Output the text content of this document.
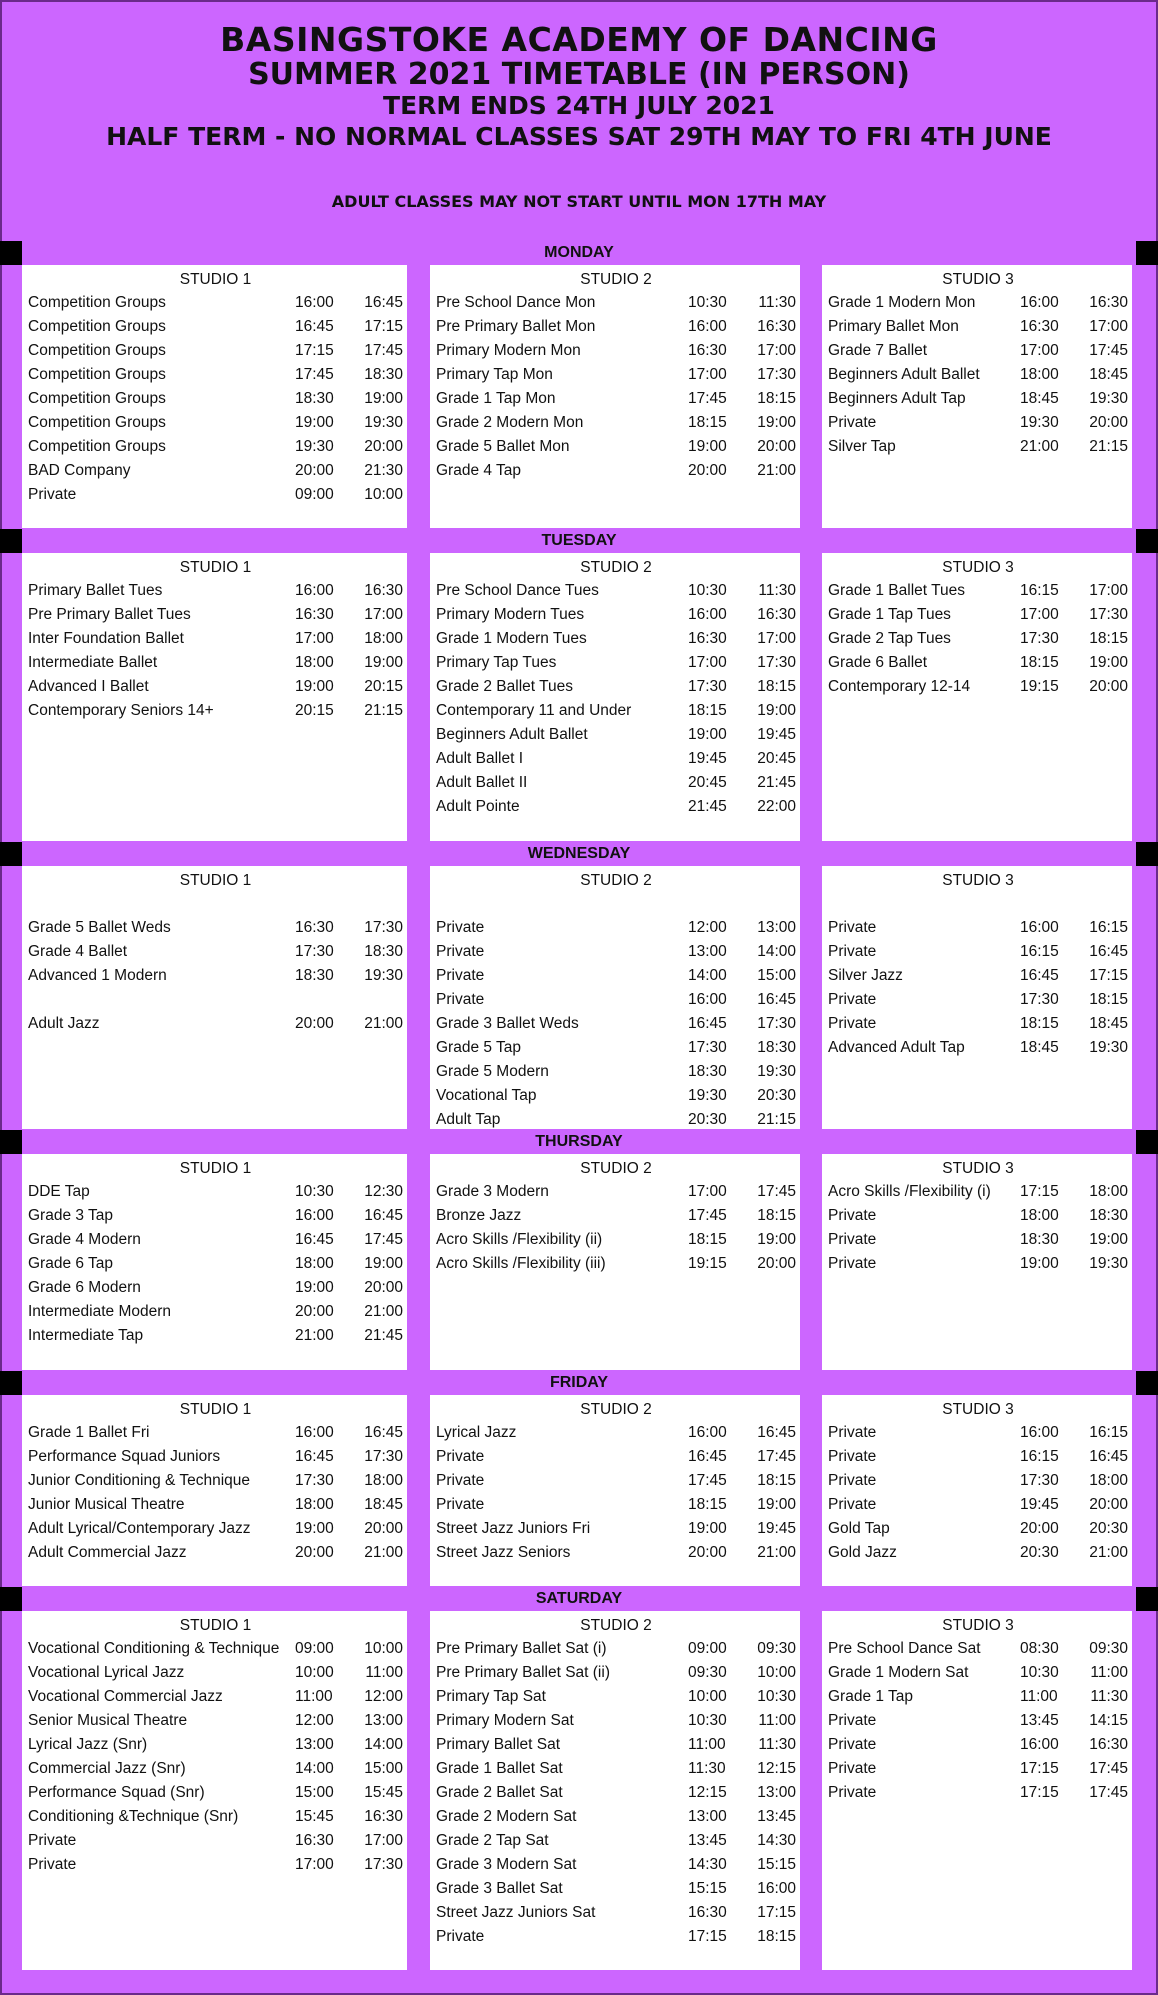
BASINGSTOKE ACADEMY OF DANCING
SUMMER 2021 TIMETABLE (IN PERSON)
TERM ENDS 24TH JULY 2021
HALF TERM - NO NORMAL CLASSES SAT 29TH MAY TO FRI 4TH JUNE
ADULT CLASSES MAY NOT START UNTIL MON 17TH MAY
MONDAY
STUDIO 1
Competition Groups	16:00	16:45
Competition Groups	16:45	17:15
Competition Groups	17:15	17:45
Competition Groups	17:45	18:30
Competition Groups	18:30	19:00
Competition Groups	19:00	19:30
Competition Groups	19:30	20:00
BAD Company	20:00	21:30
Private	09:00	10:00
STUDIO 2
Pre School Dance Mon	10:30	11:30
Pre Primary Ballet Mon	16:00	16:30
Primary Modern Mon	16:30	17:00
Primary Tap Mon	17:00	17:30
Grade 1 Tap Mon	17:45	18:15
Grade 2 Modern Mon	18:15	19:00
Grade 5 Ballet Mon	19:00	20:00
Grade 4 Tap	20:00	21:00
STUDIO 3
Grade 1 Modern Mon	16:00	16:30
Primary Ballet Mon	16:30	17:00
Grade 7 Ballet	17:00	17:45
Beginners Adult Ballet	18:00	18:45
Beginners Adult Tap	18:45	19:30
Private	19:30	20:00
Silver Tap	21:00	21:15
TUESDAY
STUDIO 1
Primary Ballet Tues	16:00	16:30
Pre Primary Ballet Tues	16:30	17:00
Inter Foundation Ballet	17:00	18:00
Intermediate Ballet	18:00	19:00
Advanced I Ballet	19:00	20:15
Contemporary Seniors 14+	20:15	21:15
STUDIO 2
Pre School Dance Tues	10:30	11:30
Primary Modern Tues	16:00	16:30
Grade 1 Modern Tues	16:30	17:00
Primary Tap Tues	17:00	17:30
Grade 2 Ballet Tues	17:30	18:15
Contemporary 11 and Under	18:15	19:00
Beginners Adult Ballet	19:00	19:45
Adult Ballet I	19:45	20:45
Adult Ballet II	20:45	21:45
Adult Pointe	21:45	22:00
STUDIO 3
Grade 1 Ballet Tues	16:15	17:00
Grade 1 Tap Tues	17:00	17:30
Grade 2 Tap Tues	17:30	18:15
Grade 6 Ballet	18:15	19:00
Contemporary 12-14	19:15	20:00
WEDNESDAY
STUDIO 1
Grade 5 Ballet Weds	16:30	17:30
Grade 4 Ballet	17:30	18:30
Advanced 1 Modern	18:30	19:30
Adult Jazz	20:00	21:00
STUDIO 2
Private	12:00	13:00
Private	13:00	14:00
Private	14:00	15:00
Private	16:00	16:45
Grade 3 Ballet Weds	16:45	17:30
Grade 5 Tap	17:30	18:30
Grade 5 Modern	18:30	19:30
Vocational Tap	19:30	20:30
Adult Tap	20:30	21:15
STUDIO 3
Private	16:00	16:15
Private	16:15	16:45
Silver Jazz	16:45	17:15
Private	17:30	18:15
Private	18:15	18:45
Advanced Adult Tap	18:45	19:30
THURSDAY
STUDIO 1
DDE Tap	10:30	12:30
Grade 3 Tap	16:00	16:45
Grade 4 Modern	16:45	17:45
Grade 6 Tap	18:00	19:00
Grade 6 Modern	19:00	20:00
Intermediate Modern	20:00	21:00
Intermediate Tap	21:00	21:45
STUDIO 2
Grade 3 Modern	17:00	17:45
Bronze Jazz	17:45	18:15
Acro Skills /Flexibility (ii)	18:15	19:00
Acro Skills /Flexibility (iii)	19:15	20:00
STUDIO 3
Acro Skills /Flexibility (i)	17:15	18:00
Private	18:00	18:30
Private	18:30	19:00
Private	19:00	19:30
FRIDAY
STUDIO 1
Grade 1 Ballet Fri	16:00	16:45
Performance Squad Juniors	16:45	17:30
Junior Conditioning & Technique	17:30	18:00
Junior Musical Theatre	18:00	18:45
Adult Lyrical/Contemporary Jazz	19:00	20:00
Adult Commercial Jazz	20:00	21:00
STUDIO 2
Lyrical Jazz	16:00	16:45
Private	16:45	17:45
Private	17:45	18:15
Private	18:15	19:00
Street Jazz Juniors Fri	19:00	19:45
Street Jazz Seniors	20:00	21:00
STUDIO 3
Private	16:00	16:15
Private	16:15	16:45
Private	17:30	18:00
Private	19:45	20:00
Gold Tap	20:00	20:30
Gold Jazz	20:30	21:00
SATURDAY
STUDIO 1
Vocational Conditioning & Technique	09:00	10:00
Vocational Lyrical Jazz	10:00	11:00
Vocational Commercial Jazz	11:00	12:00
Senior Musical Theatre	12:00	13:00
Lyrical Jazz (Snr)	13:00	14:00
Commercial Jazz (Snr)	14:00	15:00
Performance Squad (Snr)	15:00	15:45
Conditioning &Technique (Snr)	15:45	16:30
Private	16:30	17:00
Private	17:00	17:30
STUDIO 2
Pre Primary Ballet Sat (i)	09:00	09:30
Pre Primary Ballet Sat (ii)	09:30	10:00
Primary Tap Sat	10:00	10:30
Primary Modern Sat	10:30	11:00
Primary Ballet Sat	11:00	11:30
Grade 1 Ballet Sat	11:30	12:15
Grade 2 Ballet Sat	12:15	13:00
Grade 2 Modern Sat	13:00	13:45
Grade 2 Tap Sat	13:45	14:30
Grade 3 Modern Sat	14:30	15:15
Grade 3 Ballet Sat	15:15	16:00
Street Jazz Juniors Sat	16:30	17:15
Private	17:15	18:15
STUDIO 3
Pre School Dance Sat	08:30	09:30
Grade 1 Modern Sat	10:30	11:00
Grade 1 Tap	11:00	11:30
Private	13:45	14:15
Private	16:00	16:30
Private	17:15	17:45
Private	17:15	17:45
